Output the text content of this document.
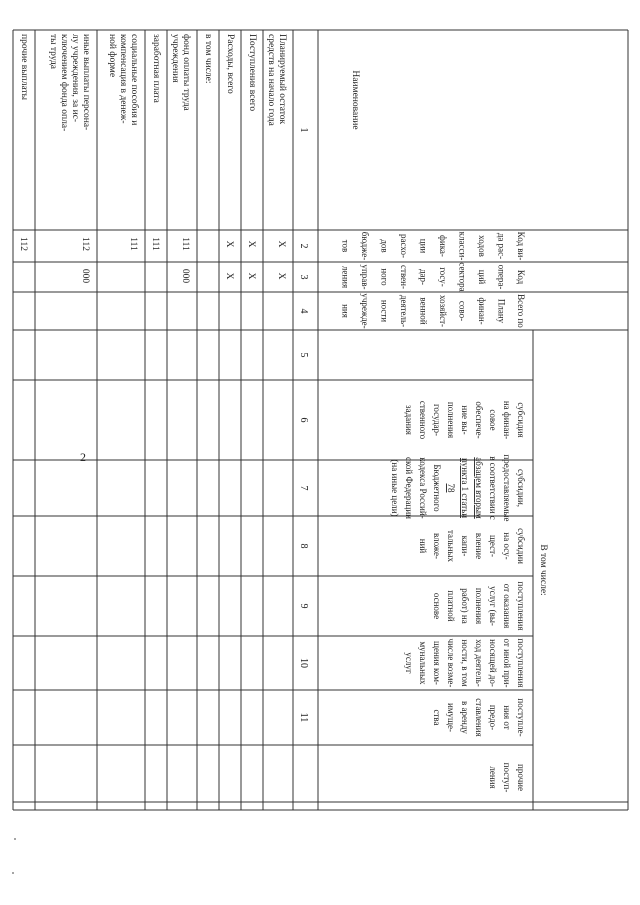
2
Наименование
Код ви-да рас-ходовкласси-фика-циирасхо-довбюдже-тов
Кодопера-цийсекторагосу-дар-ствен-ногоуправ-ления
Всего поПлануфинан-сово-хозяйст-веннойдеятель-ностиучрежде-ния
В том числе:
субсидияна финан-совоеобеспече-ние вы-полнениягосудар-ственногозадания
субсидии,предоставляемыев соответствии сабзацем вторымпункта 1 статьи78Бюджетногокодекса Россий-ской Федерации(на иные цели)
субсидиина осу-щест-влениекапи-тальныхвложе-ний
поступленияот оказанияуслуг (вы-полненияработ) наплатнойоснове
поступленияот иной при-носящей до-ход деятель-ности, в томчисле возме-щения ком-мунальныхуслуг
поступле-ния отпредо-ставленияв арендуимуще-ства
прочиепоступ-ления
1
2
3
4
5
6
7
8
9
10
11
Планируемый остатоксредств на начало года
X
X
Поступления всего
X
X
Расходы, всего
X
X
в том числе:
фонд оплаты трудаучреждения
111
000
заработная плата
111
социальные пособия икомпенсация в денеж-ной форме
111
иные выплаты персона-лу учреждения, за ис-ключением фонда опла-ты труда
112
000
прочие выплаты
112
